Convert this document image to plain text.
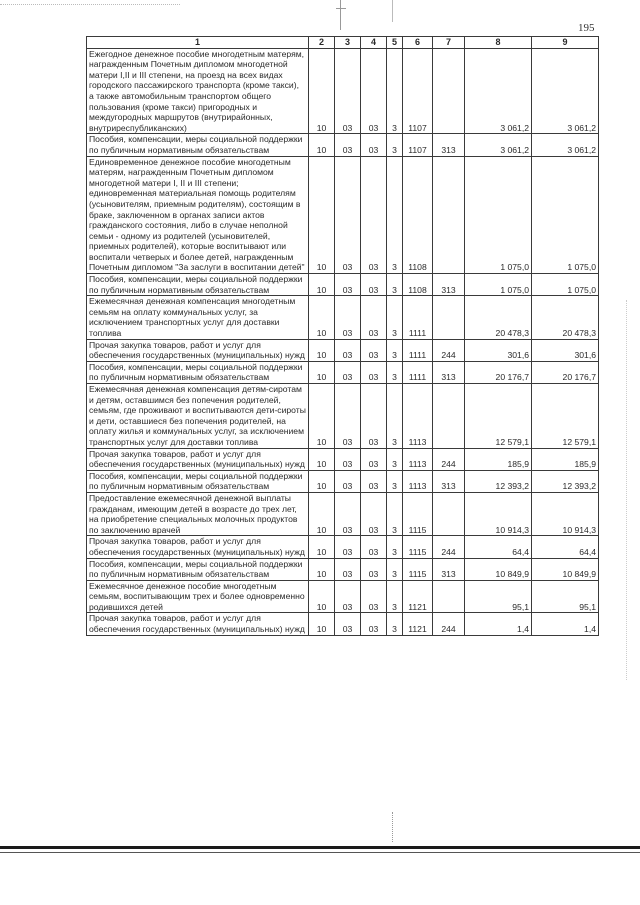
195
1	2	3	4	5	6	7	8	9
Ежегодное денежное пособие многодетным матерям, награжденным Почетным дипломом многодетной матери I,II и III степени, на проезд на всех видах городского пассажирского транспорта (кроме такси), а также автомобильным транспортом общего пользования (кроме такси) пригородных и междугородных маршрутов (внутрирайонных, внутриреспубликанских)	10	03	03	3	1107		3 061,2	3 061,2
Пособия, компенсации, меры социальной поддержки по публичным нормативным обязательствам	10	03	03	3	1107	313	3 061,2	3 061,2
Единовременное денежное пособие многодетным матерям, награжденным Почетным дипломом многодетной матери I, II и III степени; единовременная материальная помощь родителям (усыновителям, приемным родителям), состоящим в браке, заключенном в органах записи актов гражданского состояния, либо в случае неполной семьи - одному из родителей (усыновителей, приемных родителей), которые воспитывают или воспитали четверых и более детей, награжденным Почетным дипломом "За заслуги в воспитании детей"	10	03	03	3	1108		1 075,0	1 075,0
Пособия, компенсации, меры социальной поддержки по публичным нормативным обязательствам	10	03	03	3	1108	313	1 075,0	1 075,0
Ежемесячная денежная компенсация многодетным семьям на оплату коммунальных услуг, за исключением транспортных услуг для доставки топлива	10	03	03	3	1111		20 478,3	20 478,3
Прочая закупка товаров, работ и услуг для обеспечения государственных (муниципальных) нужд	10	03	03	3	1111	244	301,6	301,6
Пособия, компенсации, меры социальной поддержки по публичным нормативным обязательствам	10	03	03	3	1111	313	20 176,7	20 176,7
Ежемесячная денежная компенсация детям-сиротам и детям, оставшимся без попечения родителей, семьям, где проживают и воспитываются дети-сироты и дети, оставшиеся без попечения родителей, на оплату жилья и коммунальных услуг, за исключением транспортных услуг для доставки топлива	10	03	03	3	1113		12 579,1	12 579,1
Прочая закупка товаров, работ и услуг для обеспечения государственных (муниципальных) нужд	10	03	03	3	1113	244	185,9	185,9
Пособия, компенсации, меры социальной поддержки по публичным нормативным обязательствам	10	03	03	3	1113	313	12 393,2	12 393,2
Предоставление ежемесячной денежной выплаты гражданам, имеющим детей в возрасте до трех лет, на приобретение специальных молочных продуктов по заключению врачей	10	03	03	3	1115		10 914,3	10 914,3
Прочая закупка товаров, работ и услуг для обеспечения государственных (муниципальных) нужд	10	03	03	3	1115	244	64,4	64,4
Пособия, компенсации, меры социальной поддержки по публичным нормативным обязательствам	10	03	03	3	1115	313	10 849,9	10 849,9
Ежемесячное денежное пособие многодетным семьям, воспитывающим трех и более одновременно родившихся детей	10	03	03	3	1121		95,1	95,1
Прочая закупка товаров, работ и услуг для обеспечения государственных (муниципальных) нужд	10	03	03	3	1121	244	1,4	1,4
